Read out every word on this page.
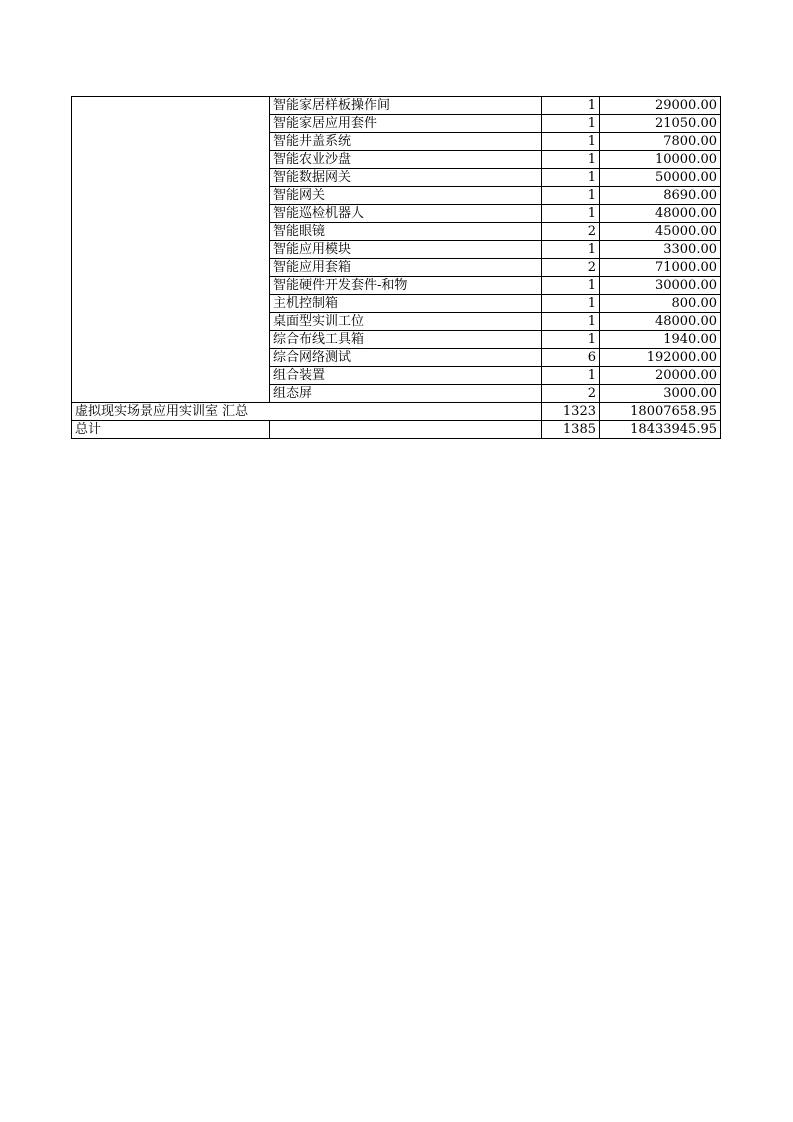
	智能家居样板操作间	1	29000.00
	智能家居应用套件	1	21050.00
	智能井盖系统	1	7800.00
	智能农业沙盘	1	10000.00
	智能数据网关	1	50000.00
	智能网关	1	8690.00
	智能巡检机器人	1	48000.00
	智能眼镜	2	45000.00
	智能应用模块	1	3300.00
	智能应用套箱	2	71000.00
	智能硬件开发套件-和物	1	30000.00
	主机控制箱	1	800.00
	桌面型实训工位	1	48000.00
	综合布线工具箱	1	1940.00
	综合网络测试	6	192000.00
	组合装置	1	20000.00
	组态屏	2	3000.00
虚拟现实场景应用实训室 汇总		1323	18007658.95
总计		1385	18433945.95
